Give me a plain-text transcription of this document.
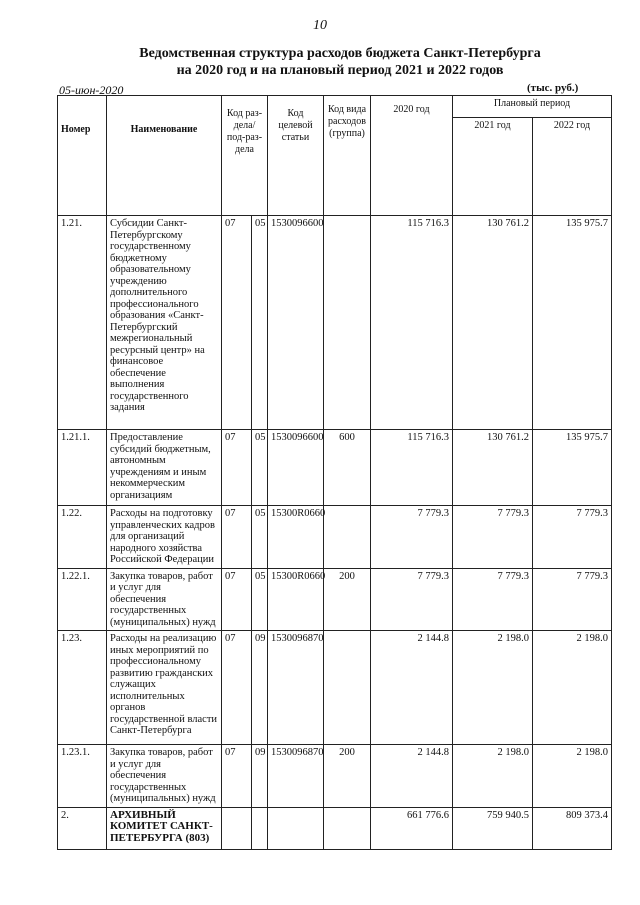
10
Ведомственная структура расходов бюджета Санкт-Петербурга
на 2020 год и на плановый период 2021 и 2022 годов
05-июн-2020	(тыс. руб.)
Номер	Наименование	Код раз-дела/ под-раз-дела		Код целевой статьи	Код вида расходов (группа)	2020 год	Плановый период	
							2021 год	2022 год
1.21.	Субсидии Санкт-Петербургскому государственному бюджетному образовательному учреждению дополнительного профессионального образования «Санкт-Петербургский межрегиональный ресурсный центр» на финансовое обеспечение выполнения государственного задания	07	05	1530096600		115 716.3	130 761.2	135 975.7
1.21.1.	Предоставление субсидий бюджетным, автономным учреждениям и иным некоммерческим организациям	07	05	1530096600	600	115 716.3	130 761.2	135 975.7
1.22.	Расходы на подготовку управленческих кадров для организаций народного хозяйства Российской Федерации	07	05	15300R0660		7 779.3	7 779.3	7 779.3
1.22.1.	Закупка товаров, работ и услуг для обеспечения государственных (муниципальных) нужд	07	05	15300R0660	200	7 779.3	7 779.3	7 779.3
1.23.	Расходы на реализацию иных мероприятий по профессиональному развитию гражданских служащих исполнительных органов государственной власти Санкт-Петербурга	07	09	1530096870		2 144.8	2 198.0	2 198.0
1.23.1.	Закупка товаров, работ и услуг для обеспечения государственных (муниципальных) нужд	07	09	1530096870	200	2 144.8	2 198.0	2 198.0
2.	АРХИВНЫЙ КОМИТЕТ САНКТ-ПЕТЕРБУРГА (803)					661 776.6	759 940.5	809 373.4
